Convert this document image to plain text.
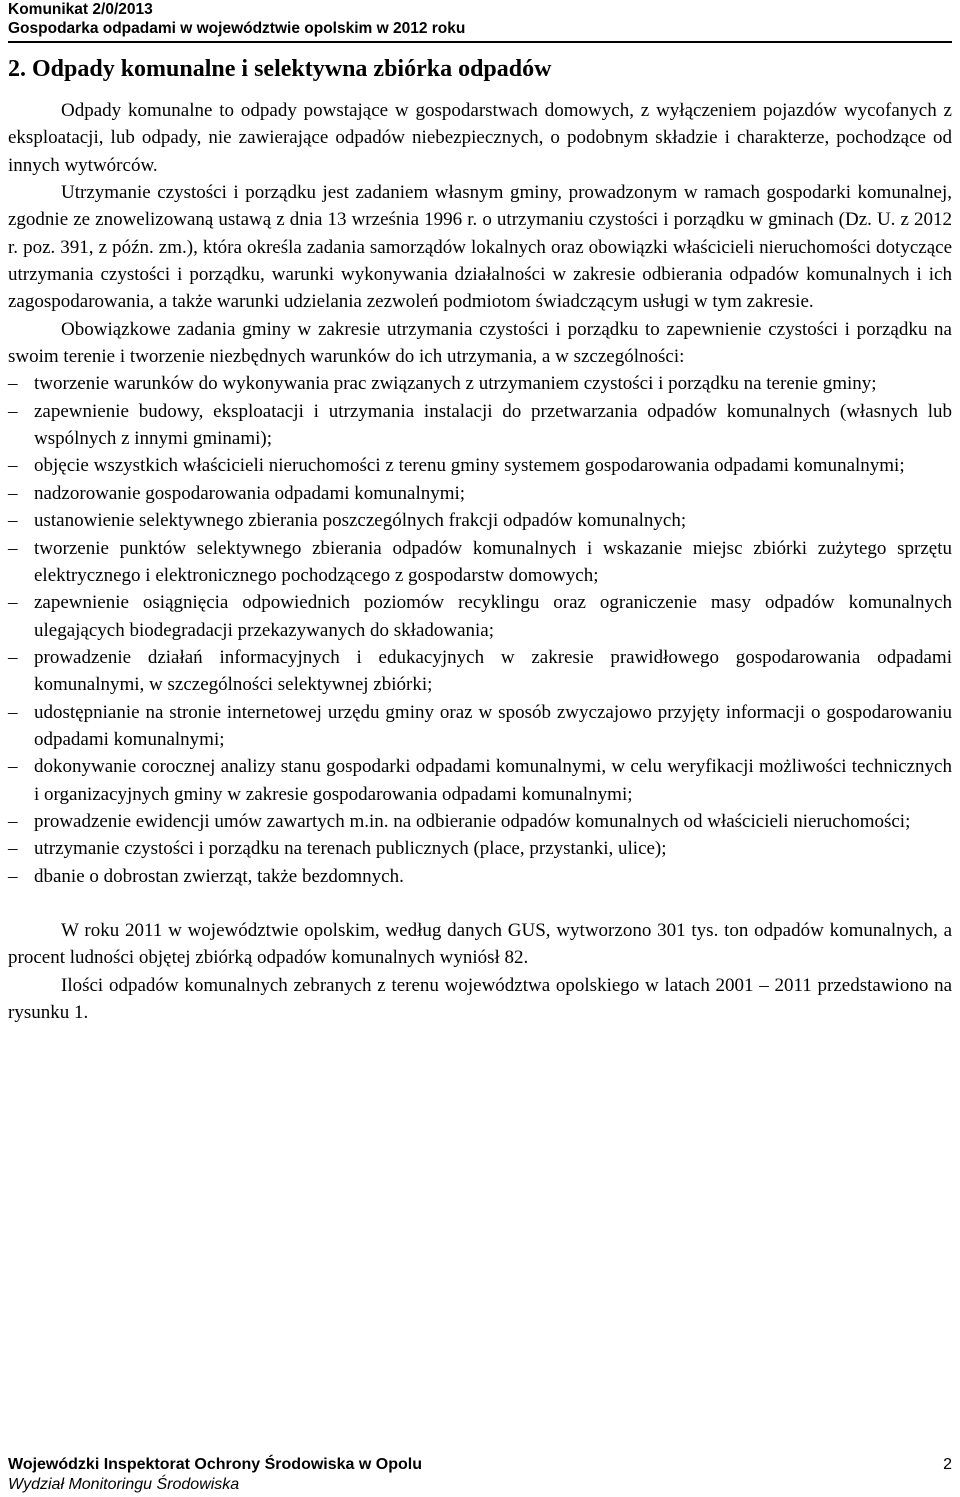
Komunikat 2/0/2013
Gospodarka odpadami w województwie opolskim w 2012 roku
2. Odpady komunalne i selektywna zbiórka odpadów

Odpady komunalne to odpady powstające w gospodarstwach domowych, z wyłączeniem pojazdów wycofanych z eksploatacji, lub odpady, nie zawierające odpadów niebezpiecznych, o podobnym składzie i charakterze, pochodzące od innych wytwórców.

Utrzymanie czystości i porządku jest zadaniem własnym gminy, prowadzonym w ramach gospodarki komunalnej, zgodnie ze znowelizowaną ustawą z dnia 13 września 1996 r. o utrzymaniu czystości i porządku w gminach (Dz. U. z 2012 r. poz. 391, z późn. zm.), która określa zadania samorządów lokalnych oraz obowiązki właścicieli nieruchomości dotyczące utrzymania czystości i porządku, warunki wykonywania działalności w zakresie odbierania odpadów komunalnych i ich zagospodarowania, a także warunki udzielania zezwoleń podmiotom świadczącym usługi w tym zakresie.

Obowiązkowe zadania gminy w zakresie utrzymania czystości i porządku to zapewnienie czystości i porządku na swoim terenie i tworzenie niezbędnych warunków do ich utrzymania, a w szczególności:

– tworzenie warunków do wykonywania prac związanych z utrzymaniem czystości i porządku na terenie gminy;
– zapewnienie budowy, eksploatacji i utrzymania instalacji do przetwarzania odpadów komunalnych (własnych lub wspólnych z innymi gminami);
– objęcie wszystkich właścicieli nieruchomości z terenu gminy systemem gospodarowania odpadami komunalnymi;
– nadzorowanie gospodarowania odpadami komunalnymi;
– ustanowienie selektywnego zbierania poszczególnych frakcji odpadów komunalnych;
– tworzenie punktów selektywnego zbierania odpadów komunalnych i wskazanie miejsc zbiórki zużytego sprzętu elektrycznego i elektronicznego pochodzącego z gospodarstw domowych;
– zapewnienie osiągnięcia odpowiednich poziomów recyklingu oraz ograniczenie masy odpadów komunalnych ulegających biodegradacji przekazywanych do składowania;
– prowadzenie działań informacyjnych i edukacyjnych w zakresie prawidłowego gospodarowania odpadami komunalnymi, w szczególności selektywnej zbiórki;
– udostępnianie na stronie internetowej urzędu gminy oraz w sposób zwyczajowo przyjęty informacji o gospodarowaniu odpadami komunalnymi;
– dokonywanie corocznej analizy stanu gospodarki odpadami komunalnymi, w celu weryfikacji możliwości technicznych i organizacyjnych gminy w zakresie gospodarowania odpadami komunalnymi;
– prowadzenie ewidencji umów zawartych m.in. na odbieranie odpadów komunalnych od właścicieli nieruchomości;
– utrzymanie czystości i porządku na terenach publicznych (place, przystanki, ulice);
– dbanie o dobrostan zwierząt, także bezdomnych.

W roku 2011 w województwie opolskim, według danych GUS, wytworzono 301 tys. ton odpadów komunalnych, a procent ludności objętej zbiórką odpadów komunalnych wyniósł 82.

Ilości odpadów komunalnych zebranych z terenu województwa opolskiego w latach 2001 – 2011 przedstawiono na rysunku 1.

Wojewódzki Inspektorat Ochrony Środowiska w Opolu
Wydział Monitoringu Środowiska
2
